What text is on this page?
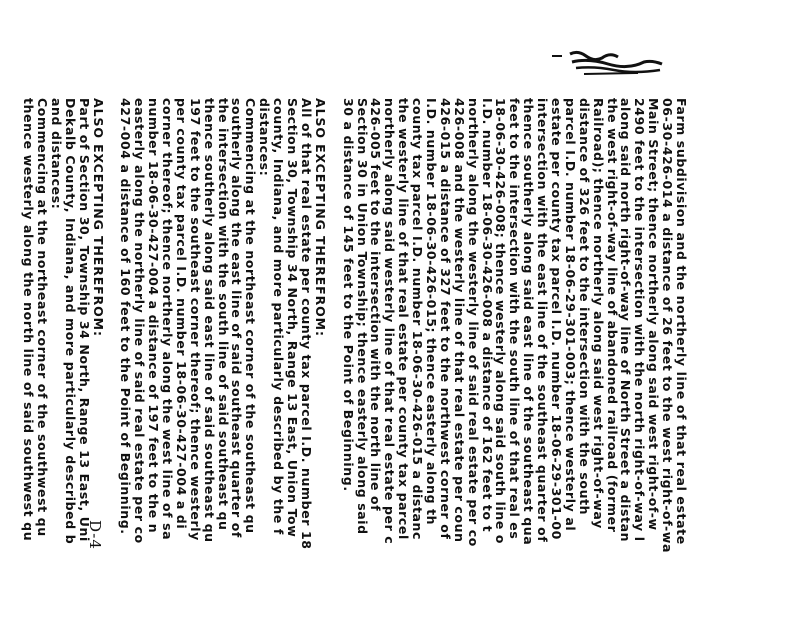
Farm subdivision and the northerly line of that real estate
06-30-426-014 a distance of 26 feet to the west right-of-wa
Main Street; thence northerly along said west right-of-w
2490 feet to the intersection with the north right-of-way l
along said north right-of-way line of North Street a distan
the west right-of-way line of abandoned railroad (former
Railroad); thence northerly along said west right-of-way
distance of 326 feet to the intersection with the south
parcel I.D. number 18-06-29-301-003; thence westerly al
estate per county tax parcel I.D. number 18-06-29-301-00
intersection with the east line of the southeast quarter of
thence southerly along said east line of the southeast qua
feet to the intersection with the south line of that real es
18-06-30-426-008; thence westerly along said south line o
I.D. number 18-06-30-426-008 a distance of 162 feet to t
northerly along the westerly line of said real estate per co
426-008 and the westerly line of that real estate per coun
426-015 a distance of 327 feet to the northwest corner of
I.D. number 18-06-30-426-015; thence easterly along th
county tax parcel I.D. number 18-06-30-426-015 a distanc
the westerly line of that real estate per county tax parcel
northerly along said westerly line of that real estate per c
426-005 feet to the intersection with the north line of
Section 30 in Union Township; thence easterly along said
30 a distance of 145 feet to the Point of Beginning.
ALSO EXCEPTING THEREFROM:
All of that real estate per county tax parcel I.D. number 18
Section 30, Township 34 North, Range 13 East, Union Tow
county, Indiana, and more particularly described by the f
distances:
Commencing at the northeast corner of the southeast qu
southerly along the east line of said southeast quarter of
the intersection with the south line of said southeast qu
thence southerly along said east line of said southeast qu
197 feet to the southeast corner thereof; thence westerly
per county tax parcel I.D. number 18-06-30-427-004 a di
corner thereof; thence northerly along the west line of sa
number 18-06-30-427-004 a distance of 197 feet to the n
easterly along the northerly line of said real estate per co
427-004 a distance of 160 feet to the Point of Beginning.
ALSO EXCEPTING THEREFROM:
Part of Section 30, Township 34 North, Range 13 East, Uni
Dekalb County, Indiana, and more particularly described b
and distances:
Commencing at the northeast corner of the southwest qu
thence westerly along the north line of said southwest qu	D-4
